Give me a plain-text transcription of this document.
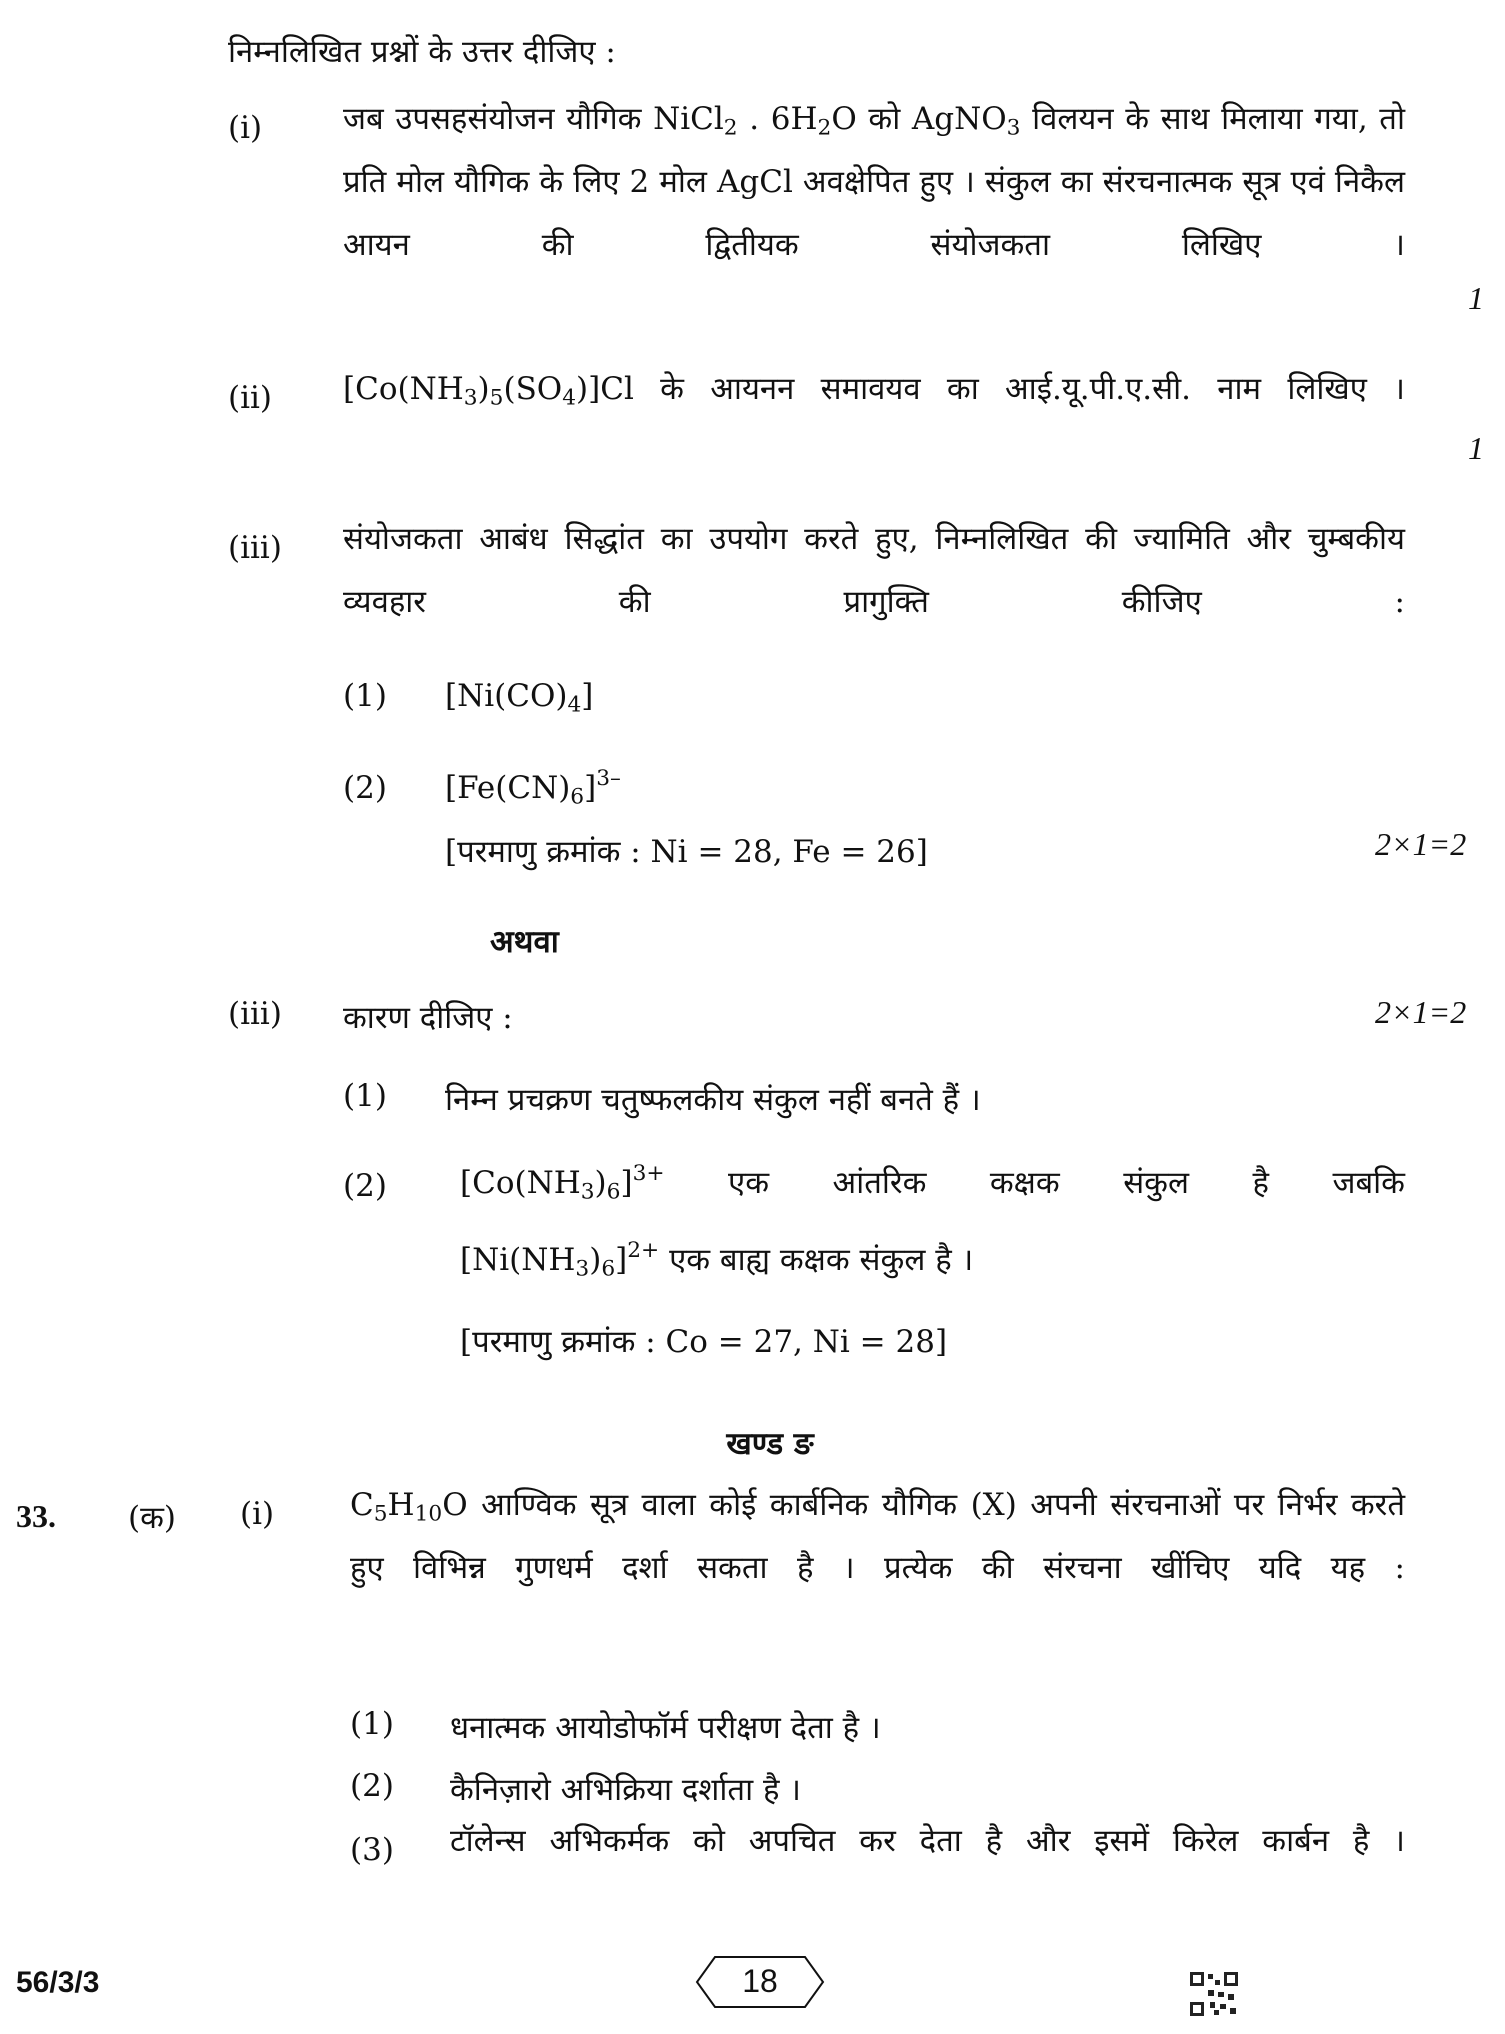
निम्नलिखित प्रश्नों के उत्तर दीजिए :
(i)	जब उपसहसंयोजन यौगिक NiCl$_2$ . $6H_2O$ को AgNO$_3$ विलयन के साथ मिलाया गया, तो प्रति मोल यौगिक के लिए 2 मोल AgCl अवक्षेपित हुए । संकुल का संरचनात्मक सूत्र एवं निकैल आयन की द्वितीयक संयोजकता लिखिए ।
1
(ii) $[Co(NH_3)_5(SO_4)]Cl$ के आयनन समावयव का आई.यू.पी.ए.सी. नाम लिखिए ।
1
(iii) संयोजकता आबंध सिद्धांत का उपयोग करते हुए, निम्नलिखित की ज्यामिति और चुम्बकीय व्यवहार की प्रागुक्ति कीजिए :
(1) $[Ni(CO)_4]$
(2) $[Fe(CN)_6]^{3-}$
[परमाणु क्रमांक : Ni = 28, Fe = 26]	2×1=2
अथवा
(iii) कारण दीजिए :	2×1=2
(1) निम्न प्रचक्रण चतुष्फलकीय संकुल नहीं बनते हैं ।
(2) $[Co(NH_3)_6]^{3+}$ एक आंतरिक कक्षक संकुल है जबकि
$[Ni(NH_3)_6]^{2+}$ एक बाह्य कक्षक संकुल है ।
[परमाणु क्रमांक : Co = 27, Ni = 28]
खण्ड ङ
33. (क) (i) $C_5H_{10}O$ आण्विक सूत्र वाला कोई कार्बनिक यौगिक (X) अपनी संरचनाओं पर निर्भर करते हुए विभिन्न गुणधर्म दर्शा सकता है । प्रत्येक की संरचना खींचिए यदि यह :
(1) धनात्मक आयोडोफॉर्म परीक्षण देता है ।
(2) कैनिज़ारो अभिक्रिया दर्शाता है ।
(3) टॉलेन्स अभिकर्मक को अपचित कर देता है और इसमें किरेल कार्बन है ।
56/3/3	18
